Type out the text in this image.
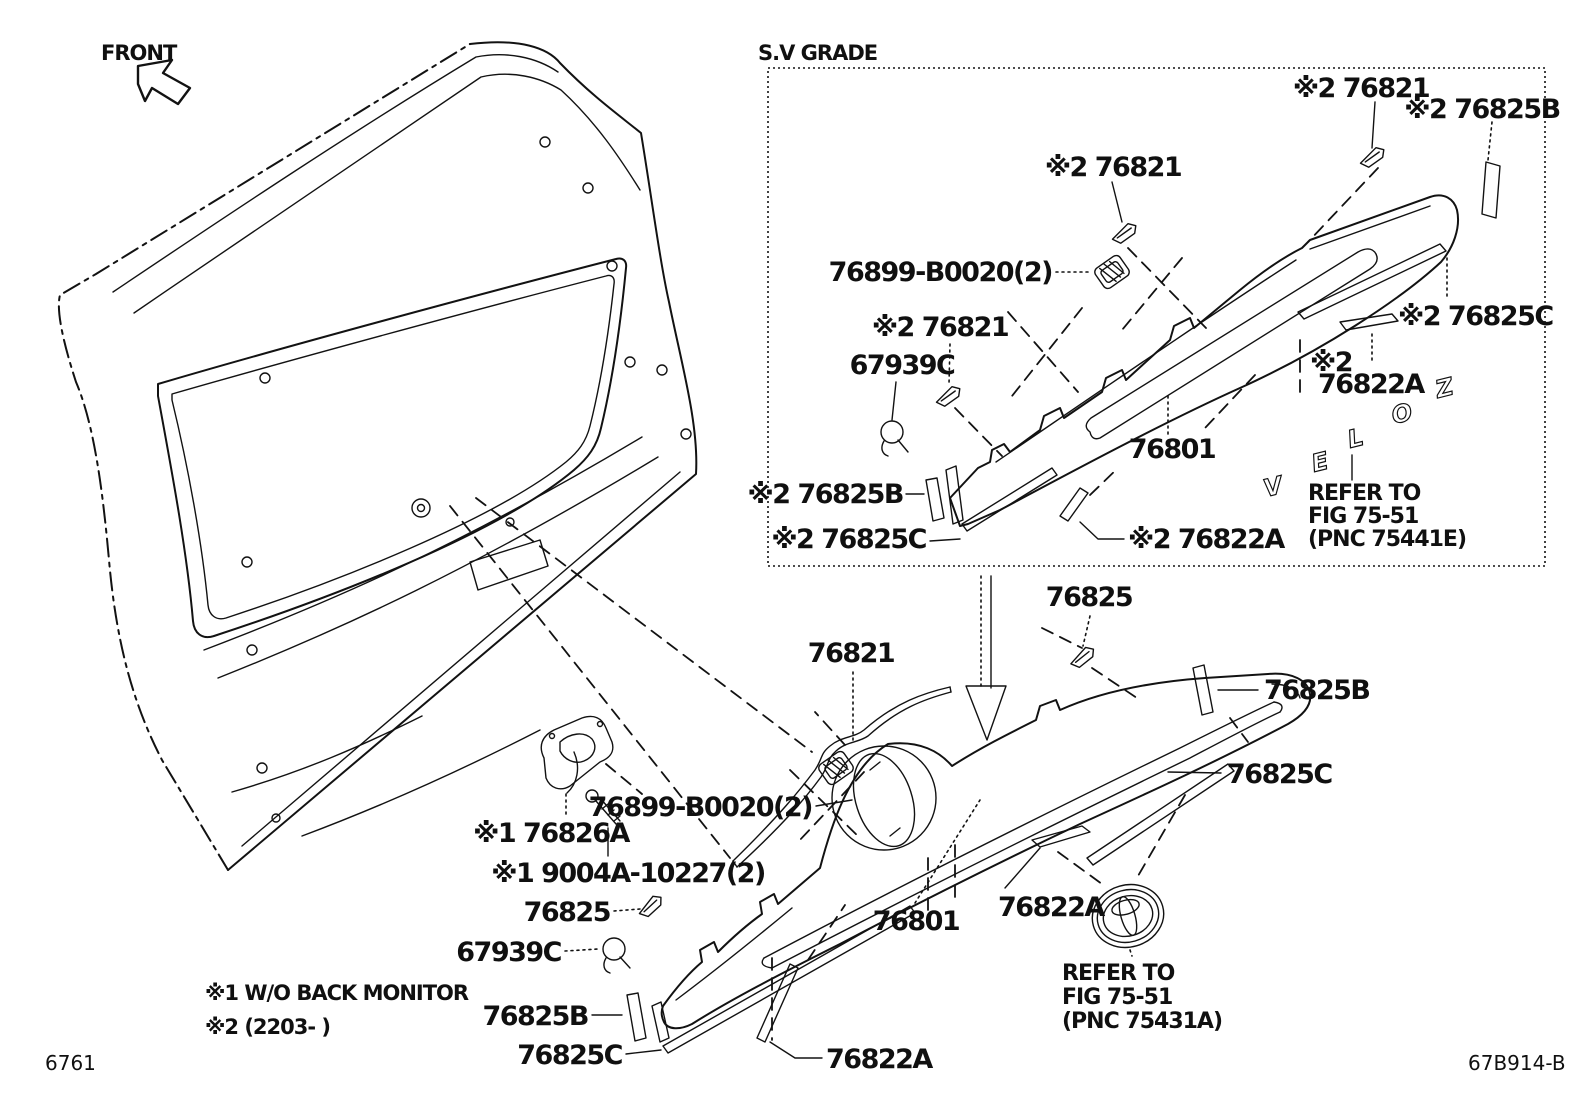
FRONT	S.V GRADE
V
E
L
O
Z
※2 76821
※2 76825B
※2 76821
76899-B0020(2)
※2 76821
67939C
※2 76825C
※2
76822A
76801
REFER TO
FIG 75-51
(PNC 75441E)
※2 76825B
※2 76825C	※2 76822A
76821
76825
76825B
76825C
※1 76826A
76899-B0020(2)
※1 9004A-10227(2)
76825
67939C
76825B
76825C	76822A
76801 76822A
REFER TO
FIG 75-51
(PNC 75431A)
※1 W/O BACK MONITOR
※2 (2203- )
6761	67B914-B
